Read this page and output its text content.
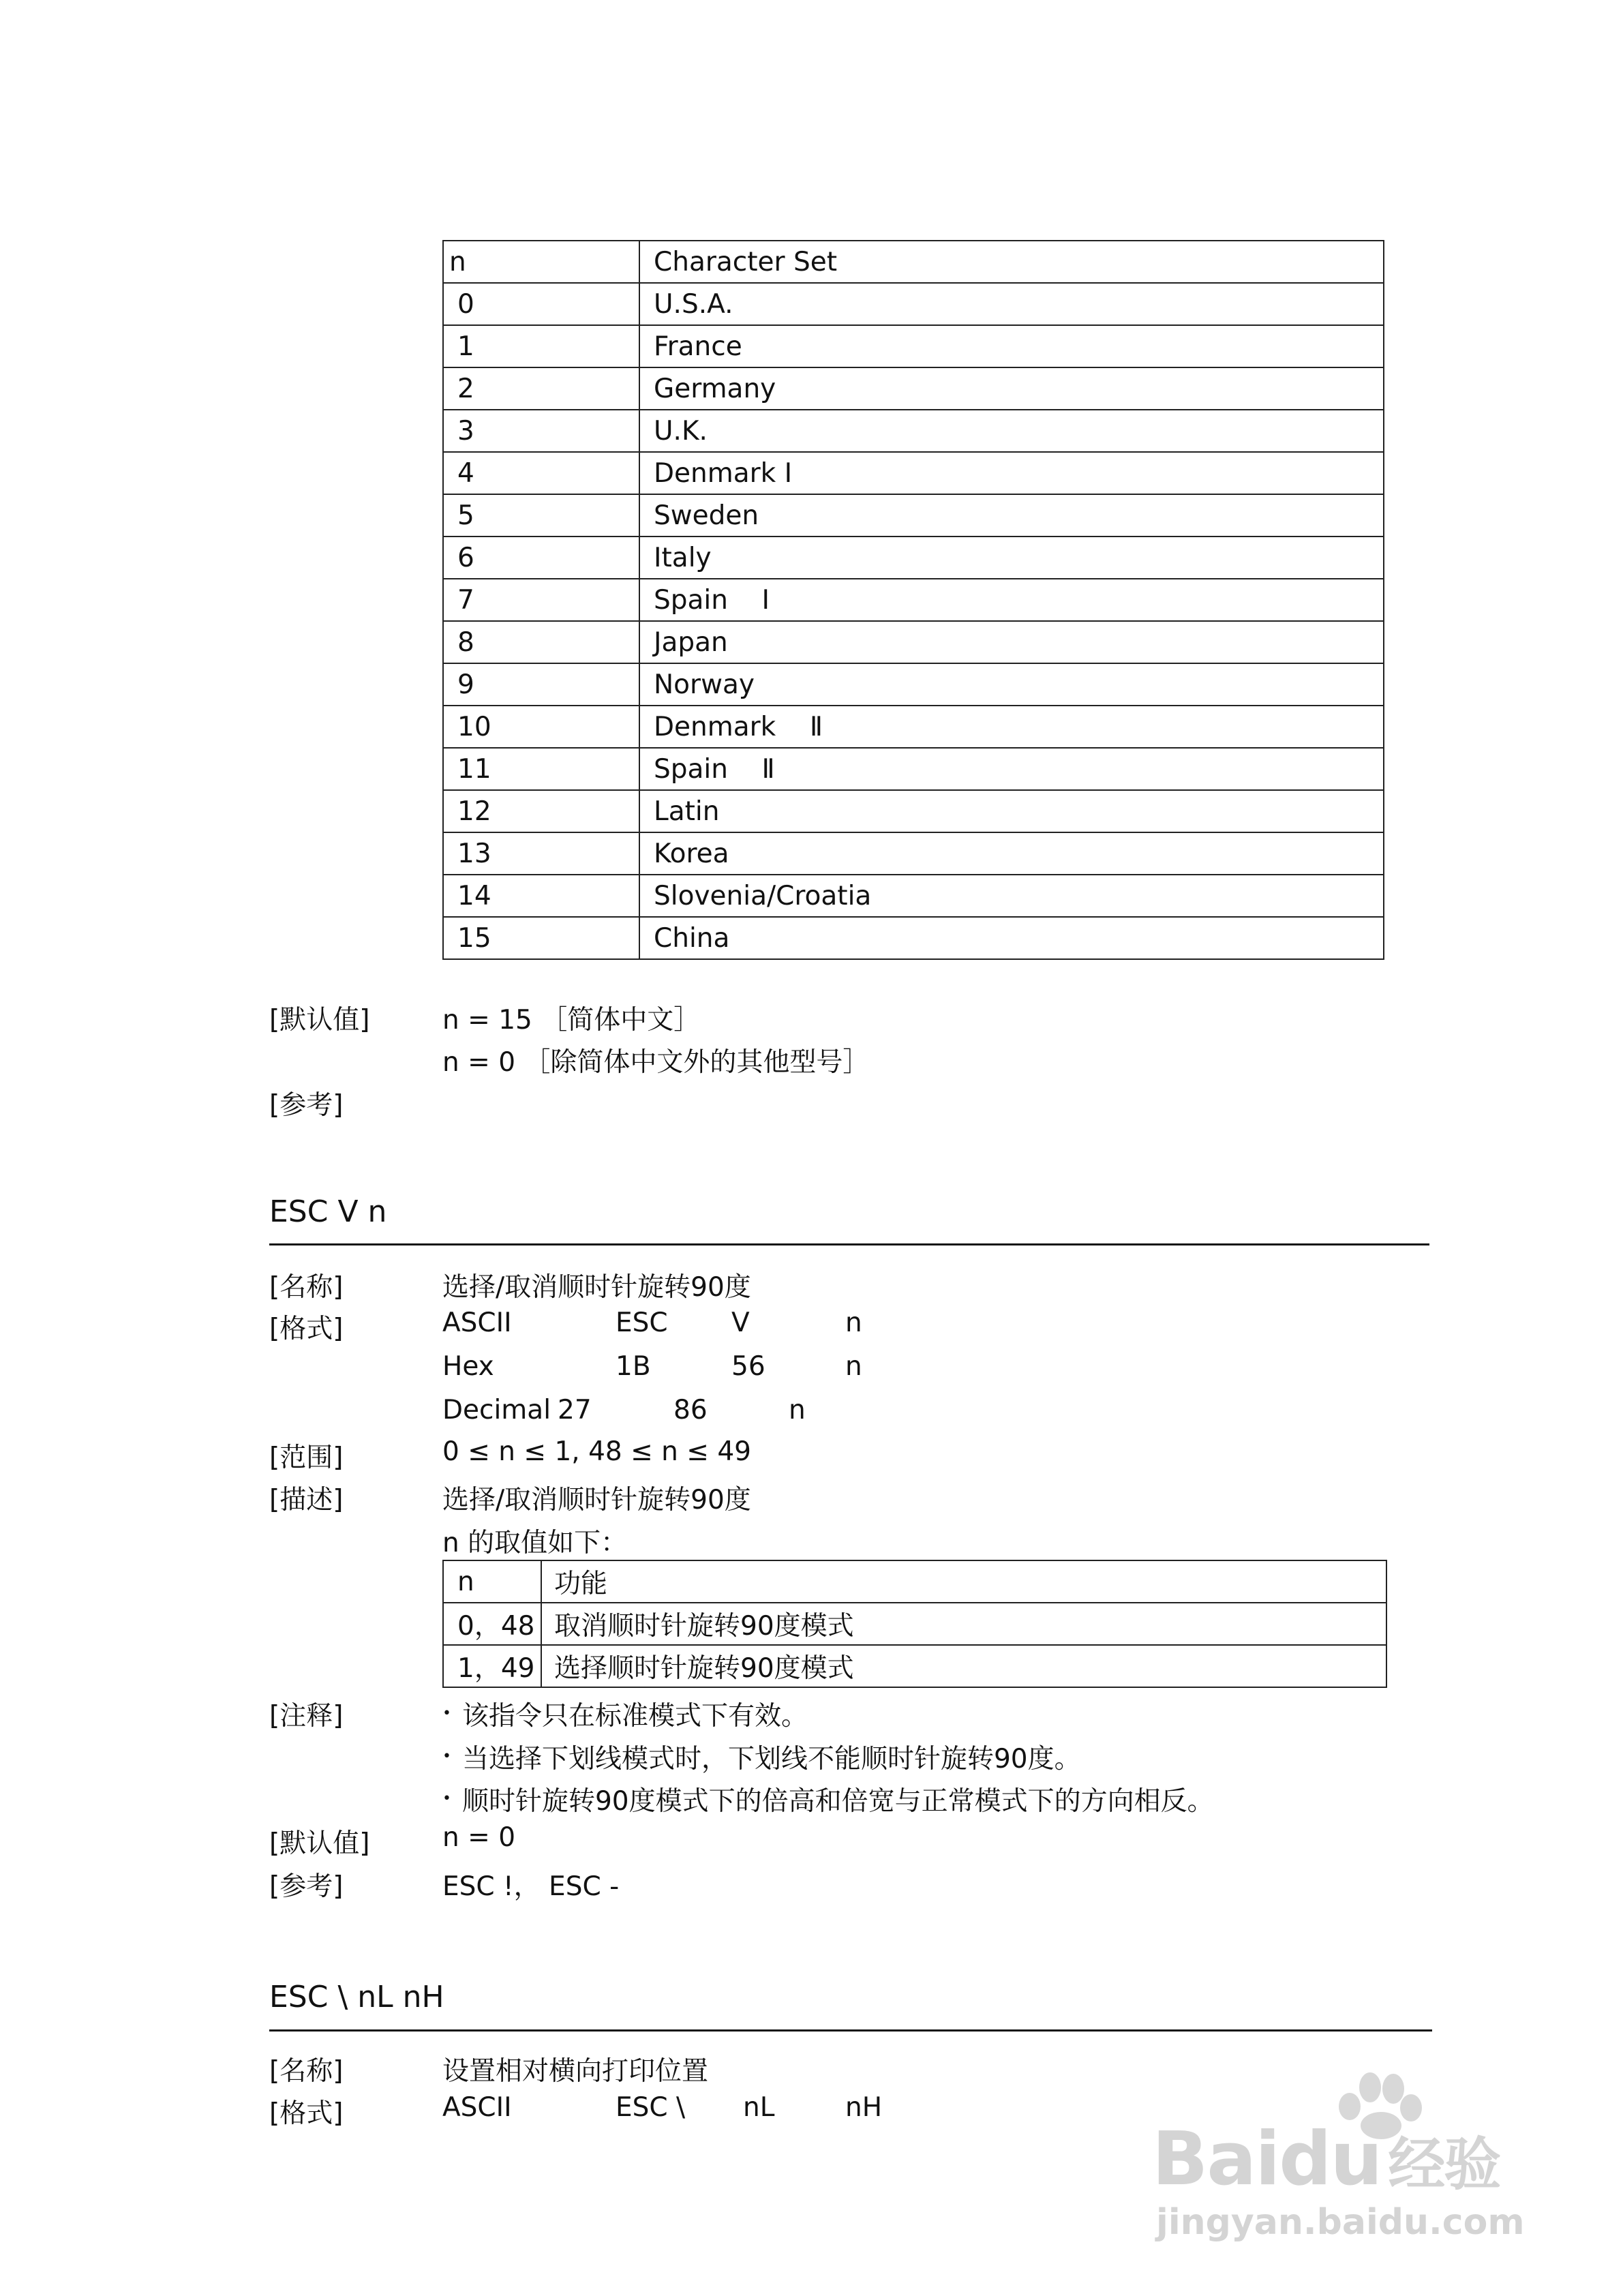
n	Character Set
0	U.S.A.
1	France
2	Germany
3	U.K.
4	Denmark Ⅰ
5	Sweden
6	Italy
7	Spain    Ⅰ
8	Japan
9	Norway
10	Denmark    Ⅱ
11	Spain    Ⅱ
12	Latin
13	Korea
14	Slovenia/Croatia
15	China
[默认值]	n = 15 ［简体中文］
n = 0 ［除简体中文外的其他型号］
[参考]
ESC V n
[名称]	选择/取消顺时针旋转90度
[格式]	ASCII	ESC V	n
Hex	1B	56	n
Decimal 27	86	n
[范围]	0 ≤ n ≤ 1, 48 ≤ n ≤ 49
[描述]	选择/取消顺时针旋转90度
n 的取值如下：
n	功能
0，48	取消顺时针旋转90度模式
1，49	选择顺时针旋转90度模式
[注释]	• 该指令只在标准模式下有效。
• 当选择下划线模式时，下划线不能顺时针旋转90度。
• 顺时针旋转90度模式下的倍高和倍宽与正常模式下的方向相反。
[默认值]	n = 0
[参考]	ESC !， ESC -
ESC \ nL nH
[名称]	设置相对横向打印位置
[格式]	ASCII	ESC \ nL	nH
Baidu 经验
jingyan.baidu.com
